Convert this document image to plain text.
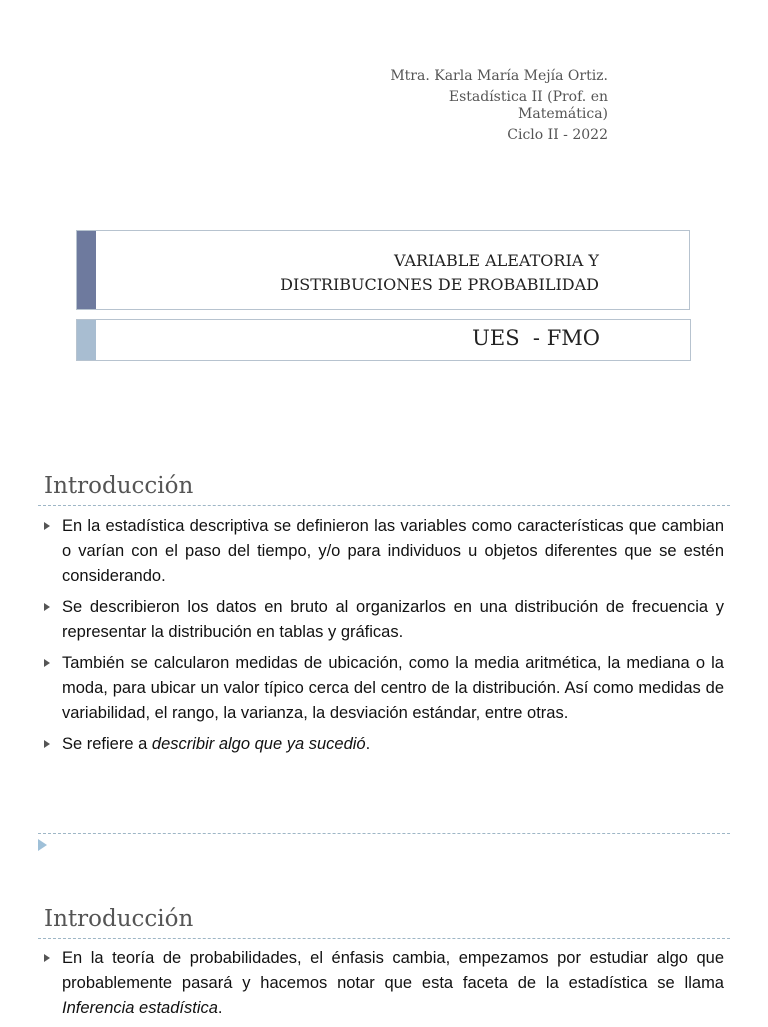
Mtra. Karla María Mejía Ortiz.
Estadística II (Prof. en
Matemática)
Ciclo II - 2022
VARIABLE ALEATORIA Y
DISTRIBUCIONES DE PROBABILIDAD
UES  - FMO
Introducción
En la estadística descriptiva se definieron las variables como características que cambian o varían con el paso del tiempo, y/o para individuos u objetos diferentes que se estén considerando.
Se describieron los datos en bruto al organizarlos en una distribución de frecuencia y representar la distribución en tablas y gráficas.
También se calcularon medidas de ubicación, como la media aritmética, la mediana o la moda, para ubicar un valor típico cerca del centro de la distribución. Así como medidas de variabilidad, el rango, la varianza, la desviación estándar, entre otras.
Se refiere a describir algo que ya sucedió.
Introducción
En la teoría de probabilidades, el énfasis cambia, empezamos por estudiar algo que probablemente pasará y hacemos notar que esta faceta de la estadística se llama Inferencia estadística.
